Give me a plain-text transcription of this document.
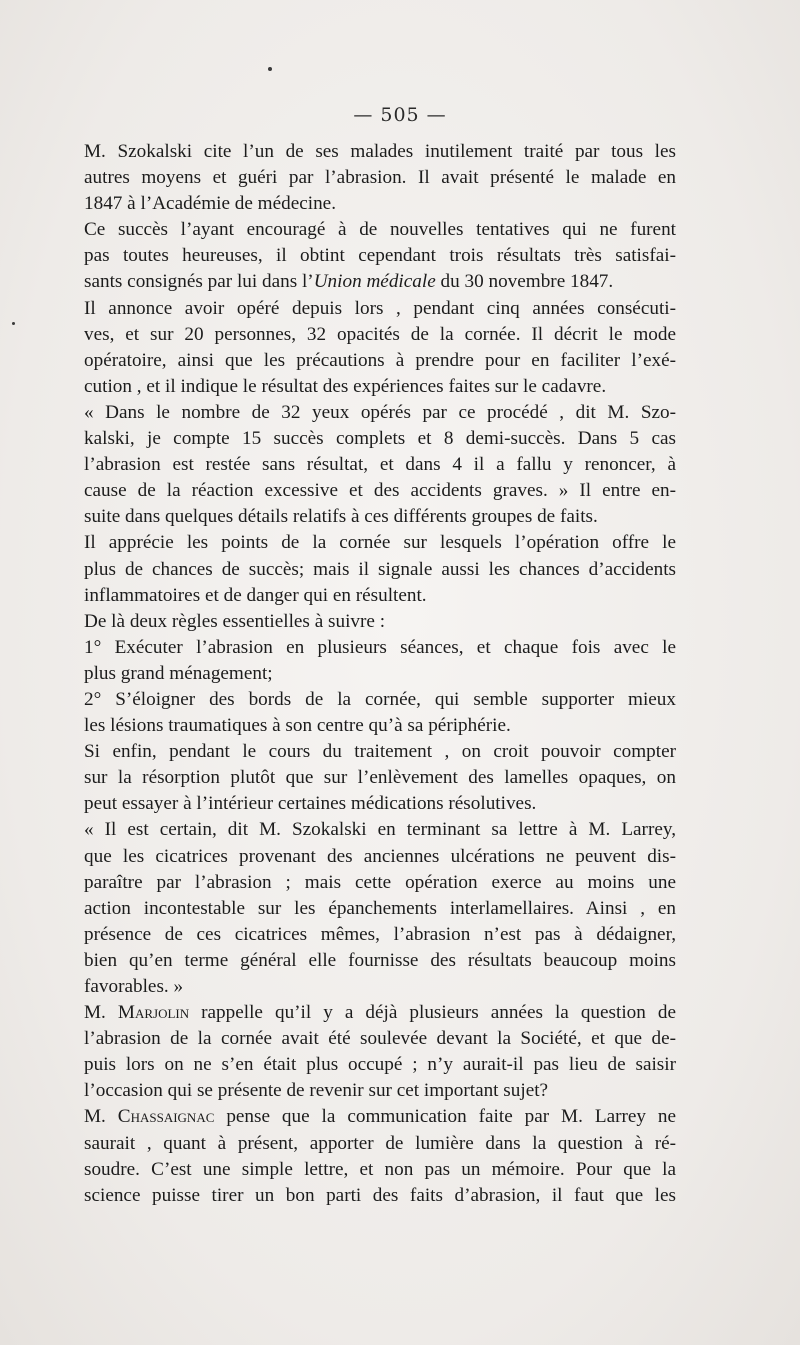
— 505 —
M. Szokalski cite l’un de ses malades inutilement traité par tous les
autres moyens et guéri par l’abrasion. Il avait présenté le malade en
1847 à l’Académie de médecine.
Ce succès l’ayant encouragé à de nouvelles tentatives qui ne furent
pas toutes heureuses, il obtint cependant trois résultats très satisfai-
sants consignés par lui dans l’Union médicale du 30 novembre 1847.
Il annonce avoir opéré depuis lors , pendant cinq années consécuti-
ves, et sur 20 personnes, 32 opacités de la cornée. Il décrit le mode
opératoire, ainsi que les précautions à prendre pour en faciliter l’exé-
cution , et il indique le résultat des expériences faites sur le cadavre.
« Dans le nombre de 32 yeux opérés par ce procédé , dit M. Szo-
kalski, je compte 15 succès complets et 8 demi-succès. Dans 5 cas
l’abrasion est restée sans résultat, et dans 4 il a fallu y renoncer, à
cause de la réaction excessive et des accidents graves. » Il entre en-
suite dans quelques détails relatifs à ces différents groupes de faits.
Il apprécie les points de la cornée sur lesquels l’opération offre le
plus de chances de succès; mais il signale aussi les chances d’accidents
inflammatoires et de danger qui en résultent.
De là deux règles essentielles à suivre :
1° Exécuter l’abrasion en plusieurs séances, et chaque fois avec le
plus grand ménagement;
2° S’éloigner des bords de la cornée, qui semble supporter mieux
les lésions traumatiques à son centre qu’à sa périphérie.
Si enfin, pendant le cours du traitement , on croit pouvoir compter
sur la résorption plutôt que sur l’enlèvement des lamelles opaques, on
peut essayer à l’intérieur certaines médications résolutives.
« Il est certain, dit M. Szokalski en terminant sa lettre à M. Larrey,
que les cicatrices provenant des anciennes ulcérations ne peuvent dis-
paraître par l’abrasion ; mais cette opération exerce au moins une
action incontestable sur les épanchements interlamellaires. Ainsi , en
présence de ces cicatrices mêmes, l’abrasion n’est pas à dédaigner,
bien qu’en terme général elle fournisse des résultats beaucoup moins
favorables. »
M. Marjolin rappelle qu’il y a déjà plusieurs années la question de
l’abrasion de la cornée avait été soulevée devant la Société, et que de-
puis lors on ne s’en était plus occupé ; n’y aurait-il pas lieu de saisir
l’occasion qui se présente de revenir sur cet important sujet?
M. Chassaignac pense que la communication faite par M. Larrey ne
saurait , quant à présent, apporter de lumière dans la question à ré-
soudre. C’est une simple lettre, et non pas un mémoire. Pour que la
science puisse tirer un bon parti des faits d’abrasion, il faut que les
